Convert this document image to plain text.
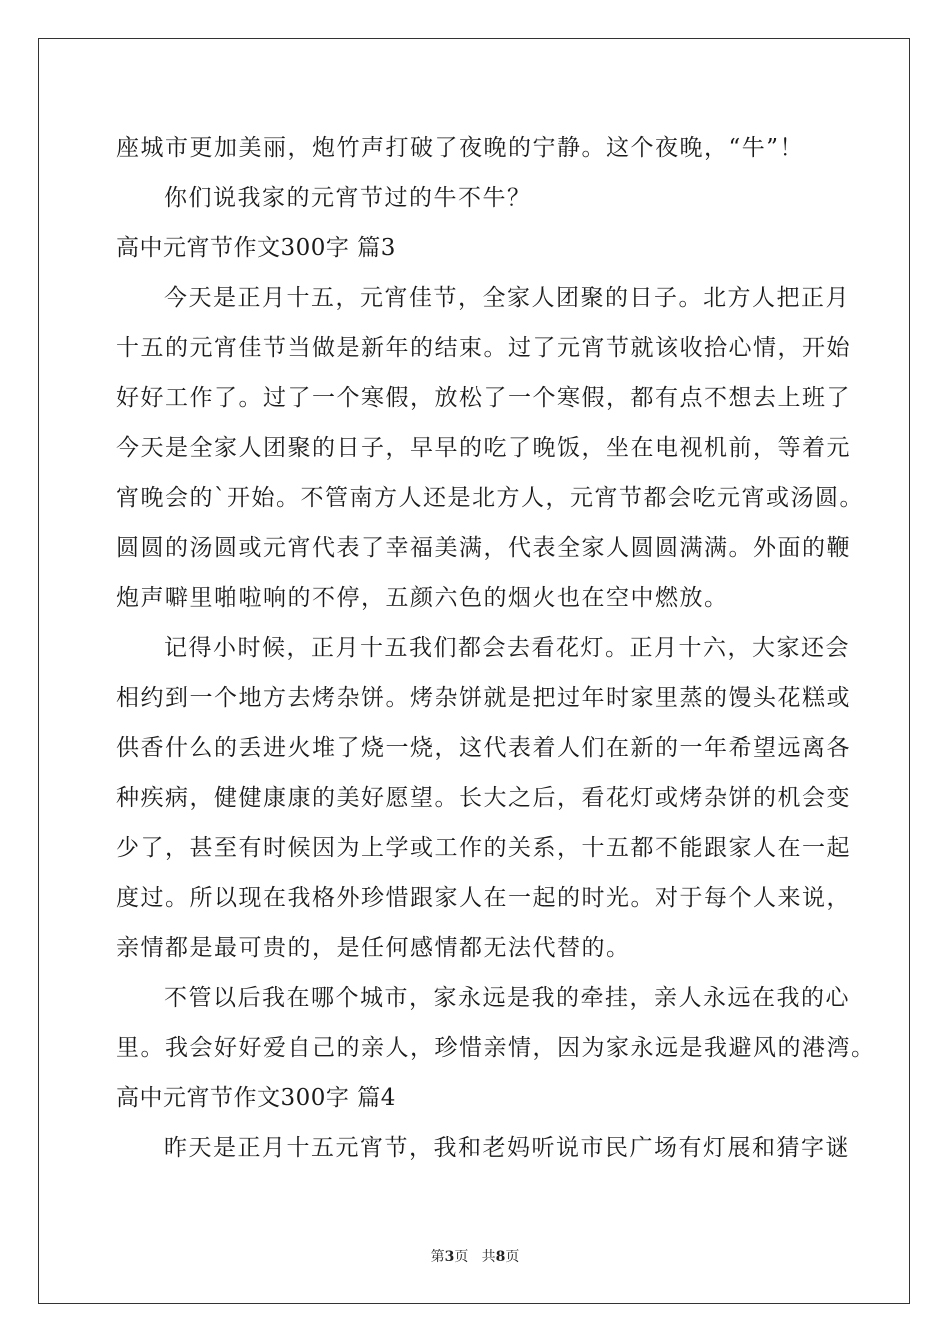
座城市更加美丽，炮竹声打破了夜晚的宁静。这个夜晚，“牛”！
你们说我家的元宵节过的牛不牛？
高中元宵节作文300字 篇3
今天是正月十五，元宵佳节，全家人团聚的日子。北方人把正月
十五的元宵佳节当做是新年的结束。过了元宵节就该收拾心情，开始
好好工作了。过了一个寒假，放松了一个寒假，都有点不想去上班了
今天是全家人团聚的日子，早早的吃了晚饭，坐在电视机前，等着元
宵晚会的`开始。不管南方人还是北方人，元宵节都会吃元宵或汤圆。
圆圆的汤圆或元宵代表了幸福美满，代表全家人圆圆满满。外面的鞭
炮声噼里啪啦响的不停，五颜六色的烟火也在空中燃放。
记得小时候，正月十五我们都会去看花灯。正月十六，大家还会
相约到一个地方去烤杂饼。烤杂饼就是把过年时家里蒸的馒头花糕或
供香什么的丢进火堆了烧一烧，这代表着人们在新的一年希望远离各
种疾病，健健康康的美好愿望。长大之后，看花灯或烤杂饼的机会变
少了，甚至有时候因为上学或工作的关系，十五都不能跟家人在一起
度过。所以现在我格外珍惜跟家人在一起的时光。对于每个人来说，
亲情都是最可贵的，是任何感情都无法代替的。
不管以后我在哪个城市，家永远是我的牵挂，亲人永远在我的心
里。我会好好爱自己的亲人，珍惜亲情，因为家永远是我避风的港湾。
高中元宵节作文300字 篇4
昨天是正月十五元宵节，我和老妈听说市民广场有灯展和猜字谜
第3页 共8页
